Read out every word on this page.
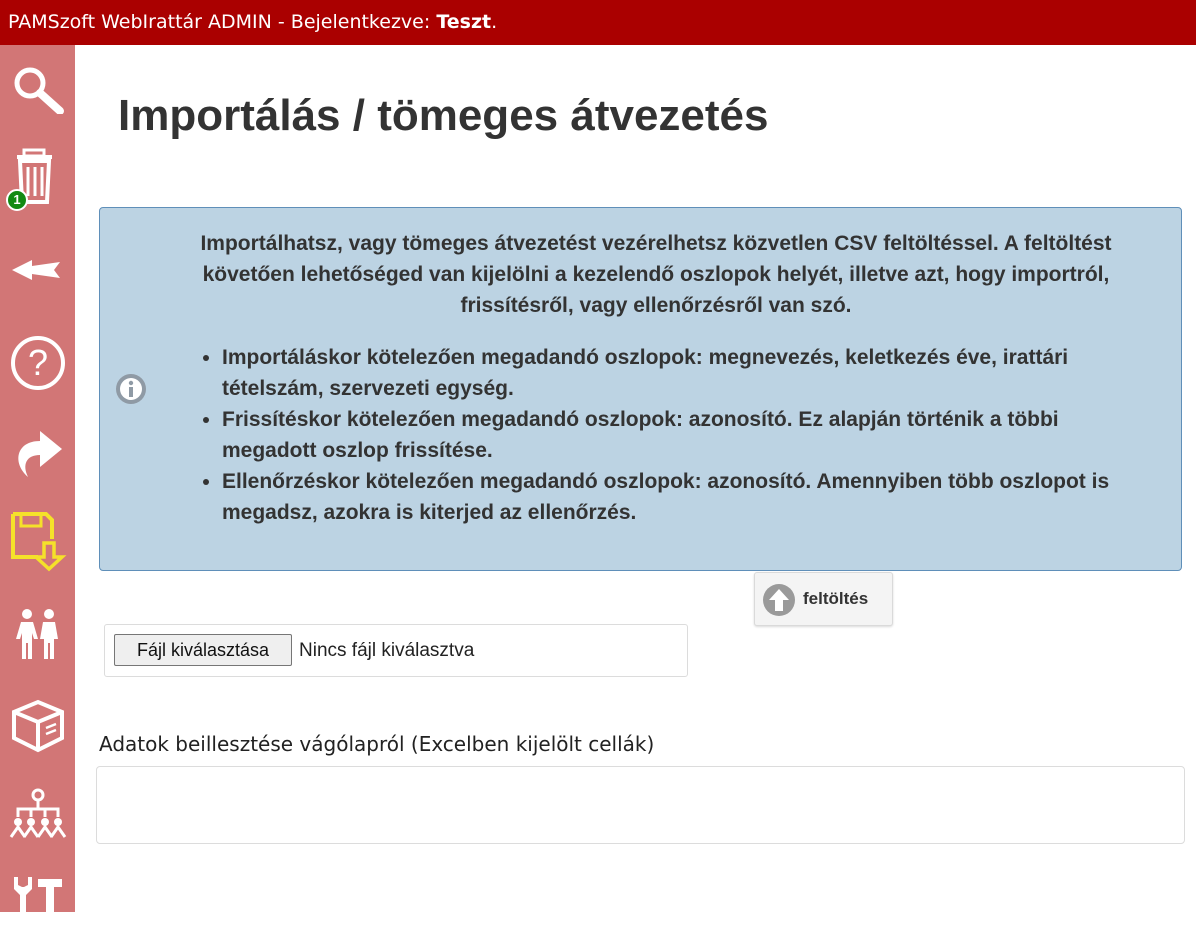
PAMSzoft WebIrattár ADMIN - Bejelentkezve: Teszt.
1
?
Importálás / tömeges átvezetés
Importálhatsz, vagy tömeges átvezetést vezérelhetsz közvetlen CSV feltöltéssel. A feltöltést követően lehetőséged van kijelölni a kezelendő oszlopok helyét, illetve azt, hogy importról, frissítésről, vagy ellenőrzésről van szó.
• Importáláskor kötelezően megadandó oszlopok: megnevezés, keletkezés éve, irattári tételszám, szervezeti egység.
• Frissítéskor kötelezően megadandó oszlopok: azonosító. Ez alapján történik a többi megadott oszlop frissítése.
• Ellenőrzéskor kötelezően megadandó oszlopok: azonosító. Amennyiben több oszlopot is megadsz, azokra is kiterjed az ellenőrzés.
feltöltés
Fájl kiválasztása	Nincs fájl kiválasztva
Adatok beillesztése vágólapról (Excelben kijelölt cellák)
